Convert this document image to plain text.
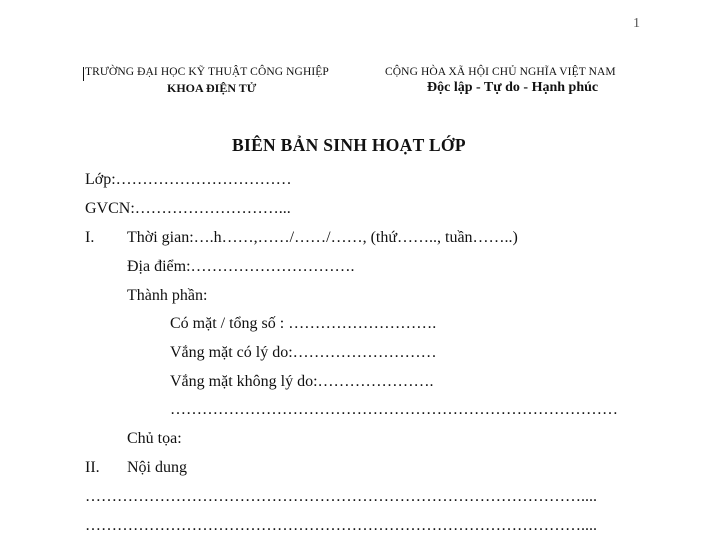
1
TRƯỜNG ĐẠI HỌC KỸ THUẬT CÔNG NGHIỆP
KHOA ĐIỆN TỬ
CỘNG HÒA XÃ HỘI CHỦ NGHĨA VIỆT NAM
Độc lập - Tự do - Hạnh phúc
BIÊN BẢN SINH HOẠT LỚP
Lớp:……………………………
GVCN:………………………...
I. Thời gian:….h……,……/……/……, (thứ…….., tuần……..)
Địa điểm:………………………….
Thành phần:
Có mặt / tổng số : ……………………….
Vắng mặt có lý do:………………………
Vắng mặt không lý do:………………….
…………………………………………………………………………
Chủ tọa:
II. Nội dung
…………………………………………………………………………………....
…………………………………………………………………………………....
